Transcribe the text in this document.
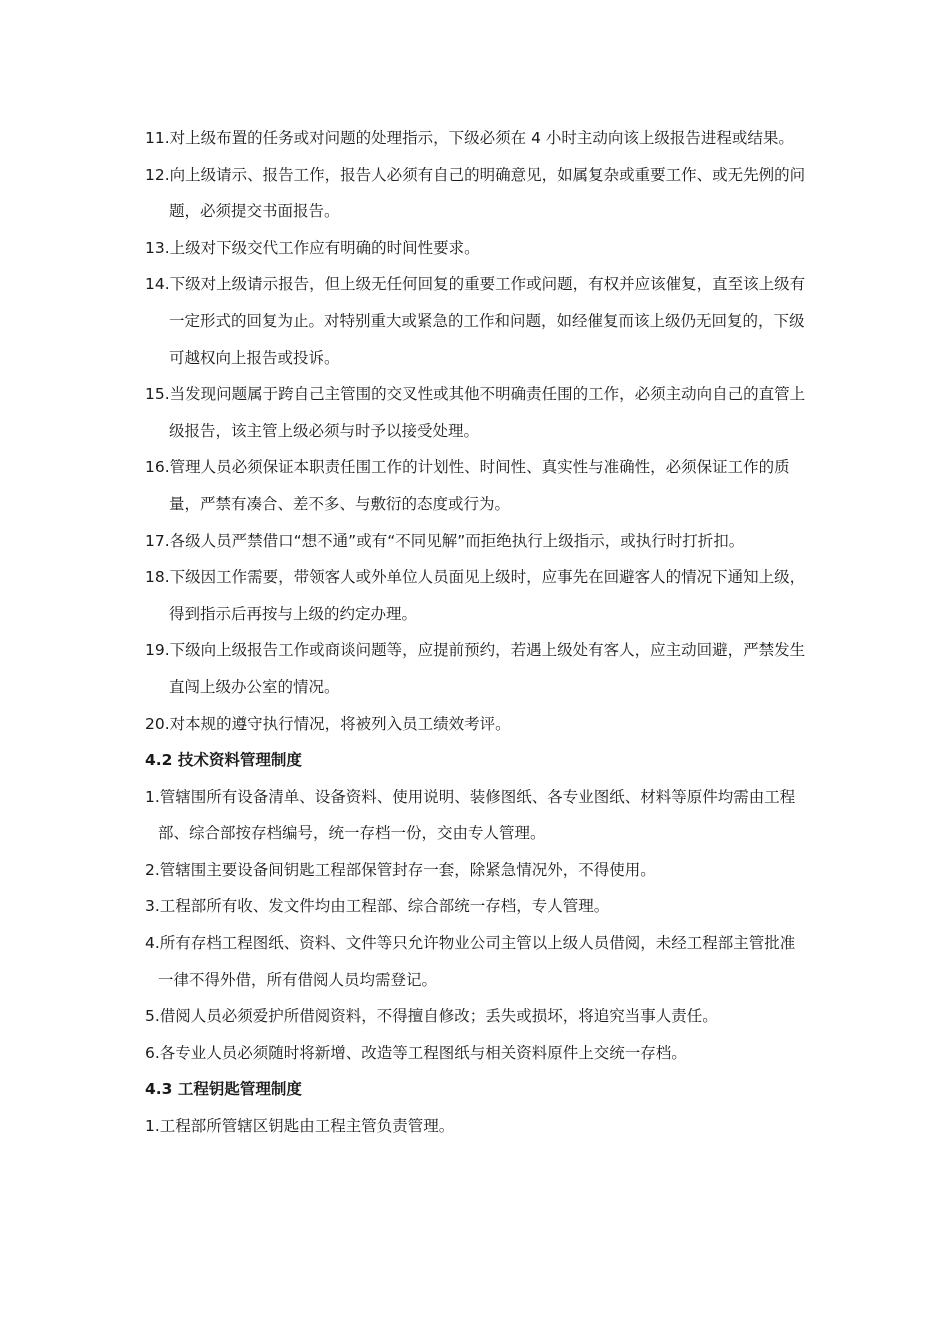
11.对上级布置的任务或对问题的处理指示，下级必须在 4 小时主动向该上级报告进程或结果。

12.向上级请示、报告工作，报告人必须有自己的明确意见，如属复杂或重要工作、或无先例的问题，必须提交书面报告。

13.上级对下级交代工作应有明确的时间性要求。

14.下级对上级请示报告，但上级无任何回复的重要工作或问题，有权并应该催复，直至该上级有一定形式的回复为止。对特别重大或紧急的工作和问题，如经催复而该上级仍无回复的，下级可越权向上报告或投诉。

15.当发现问题属于跨自己主管围的交叉性或其他不明确责任围的工作，必须主动向自己的直管上级报告，该主管上级必须与时予以接受处理。

16.管理人员必须保证本职责任围工作的计划性、时间性、真实性与准确性，必须保证工作的质量，严禁有凑合、差不多、与敷衍的态度或行为。

17.各级人员严禁借口“想不通”或有“不同见解”而拒绝执行上级指示，或执行时打折扣。

18.下级因工作需要，带领客人或外单位人员面见上级时，应事先在回避客人的情况下通知上级，得到指示后再按与上级的约定办理。

19.下级向上级报告工作或商谈问题等，应提前预约，若遇上级处有客人，应主动回避，严禁发生直闯上级办公室的情况。

20.对本规的遵守执行情况，将被列入员工绩效考评。

4.2 技术资料管理制度

1.管辖围所有设备清单、设备资料、使用说明、装修图纸、各专业图纸、材料等原件均需由工程部、综合部按存档编号，统一存档一份，交由专人管理。

2.管辖围主要设备间钥匙工程部保管封存一套，除紧急情况外，不得使用。

3.工程部所有收、发文件均由工程部、综合部统一存档，专人管理。

4.所有存档工程图纸、资料、文件等只允许物业公司主管以上级人员借阅，未经工程部主管批准一律不得外借，所有借阅人员均需登记。

5.借阅人员必须爱护所借阅资料，不得擅自修改；丢失或损坏，将追究当事人责任。

6.各专业人员必须随时将新增、改造等工程图纸与相关资料原件上交统一存档。

4.3 工程钥匙管理制度

1.工程部所管辖区钥匙由工程主管负责管理。
